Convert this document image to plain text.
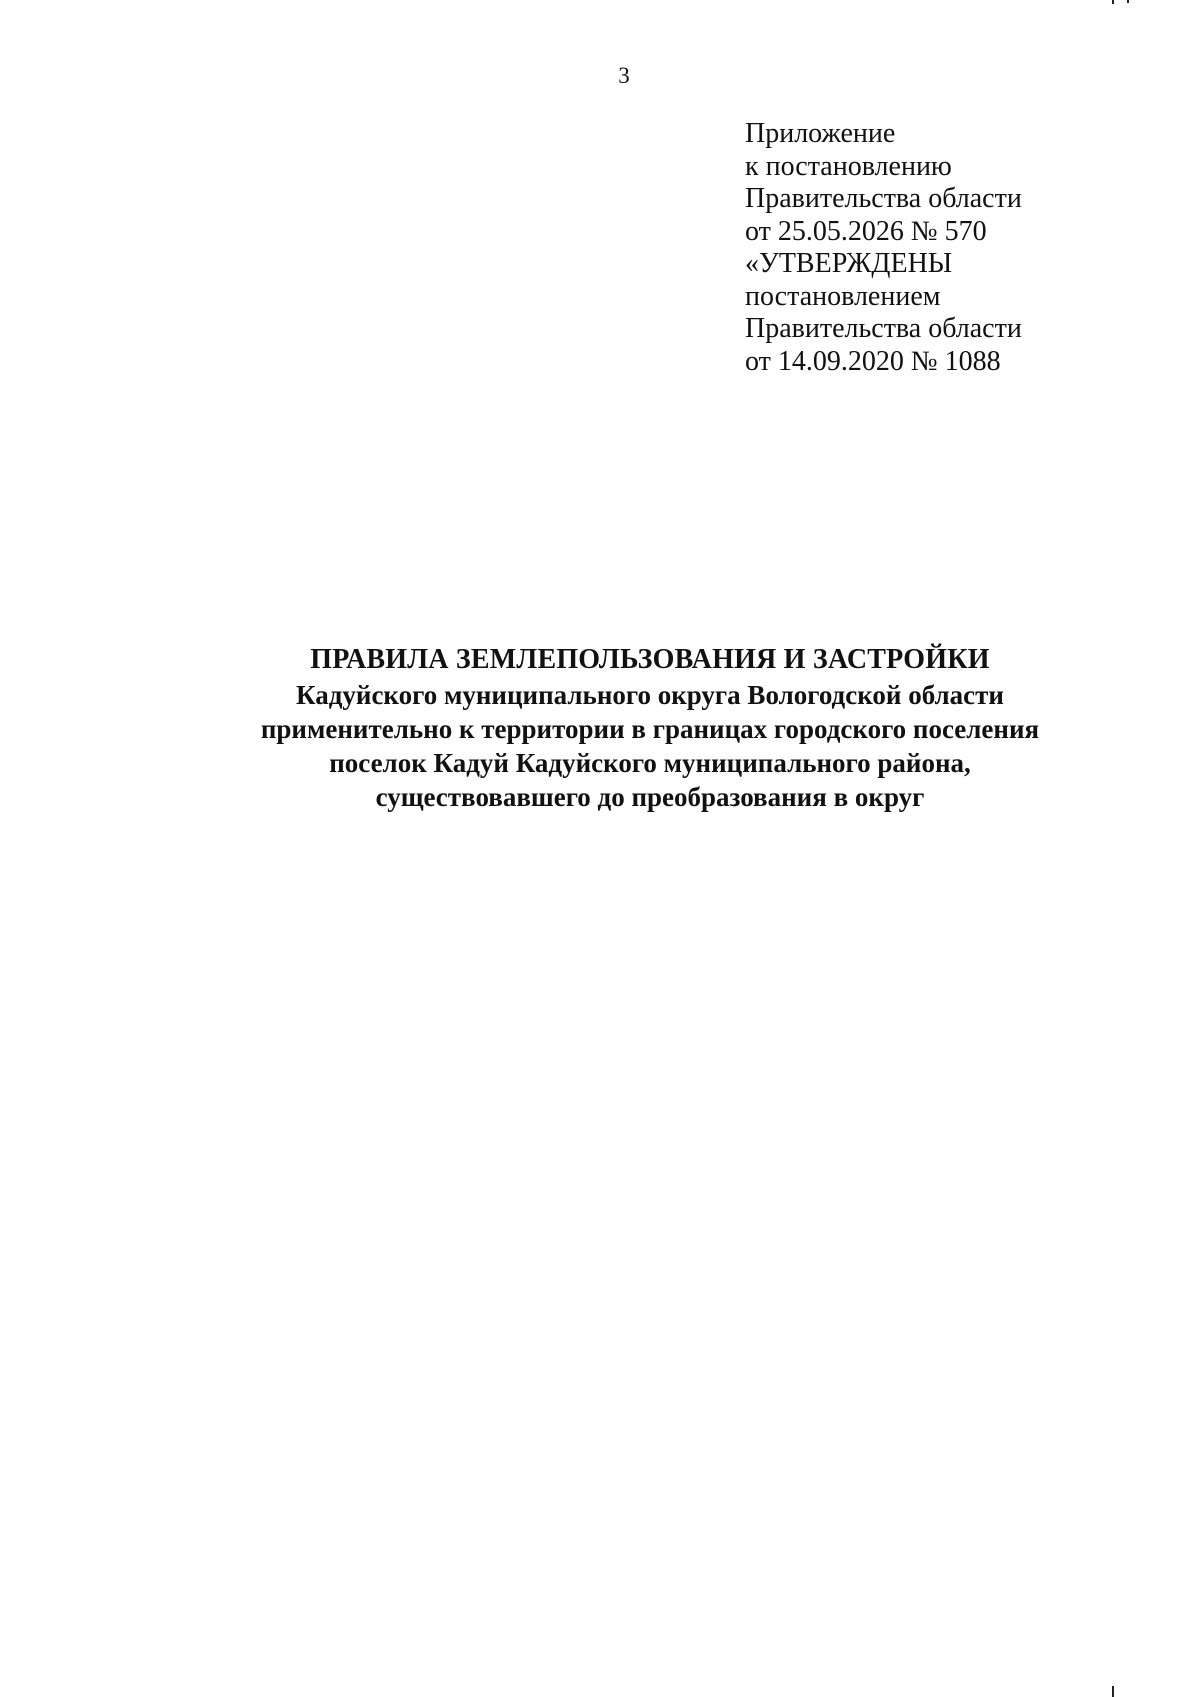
3
Приложение
к постановлению
Правительства области
от 25.05.2026 № 570
«УТВЕРЖДЕНЫ
постановлением
Правительства области
от 14.09.2020 № 1088
ПРАВИЛА ЗЕМЛЕПОЛЬЗОВАНИЯ И ЗАСТРОЙКИ
Кадуйского муниципального округа Вологодской области
применительно к территории в границах городского поселения
поселок Кадуй Кадуйского муниципального района,
существовавшего до преобразования в округ
